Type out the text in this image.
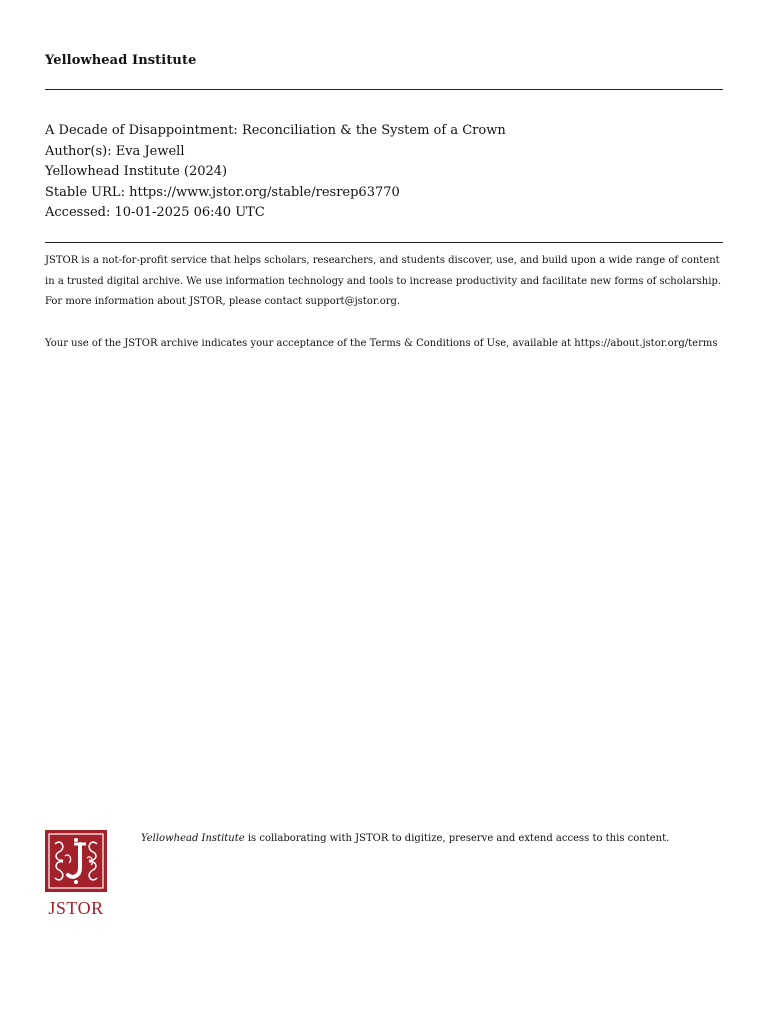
Yellowhead Institute
A Decade of Disappointment: Reconciliation & the System of a Crown
Author(s): Eva Jewell
Yellowhead Institute (2024)
Stable URL: https://www.jstor.org/stable/resrep63770
Accessed: 10-01-2025 06:40 UTC

JSTOR is a not-for-profit service that helps scholars, researchers, and students discover, use, and build upon a wide range of content in a trusted digital archive. We use information technology and tools to increase productivity and facilitate new forms of scholarship. For more information about JSTOR, please contact support@jstor.org.

Your use of the JSTOR archive indicates your acceptance of the Terms & Conditions of Use, available at https://about.jstor.org/terms

JSTOR
Yellowhead Institute is collaborating with JSTOR to digitize, preserve and extend access to this content.
